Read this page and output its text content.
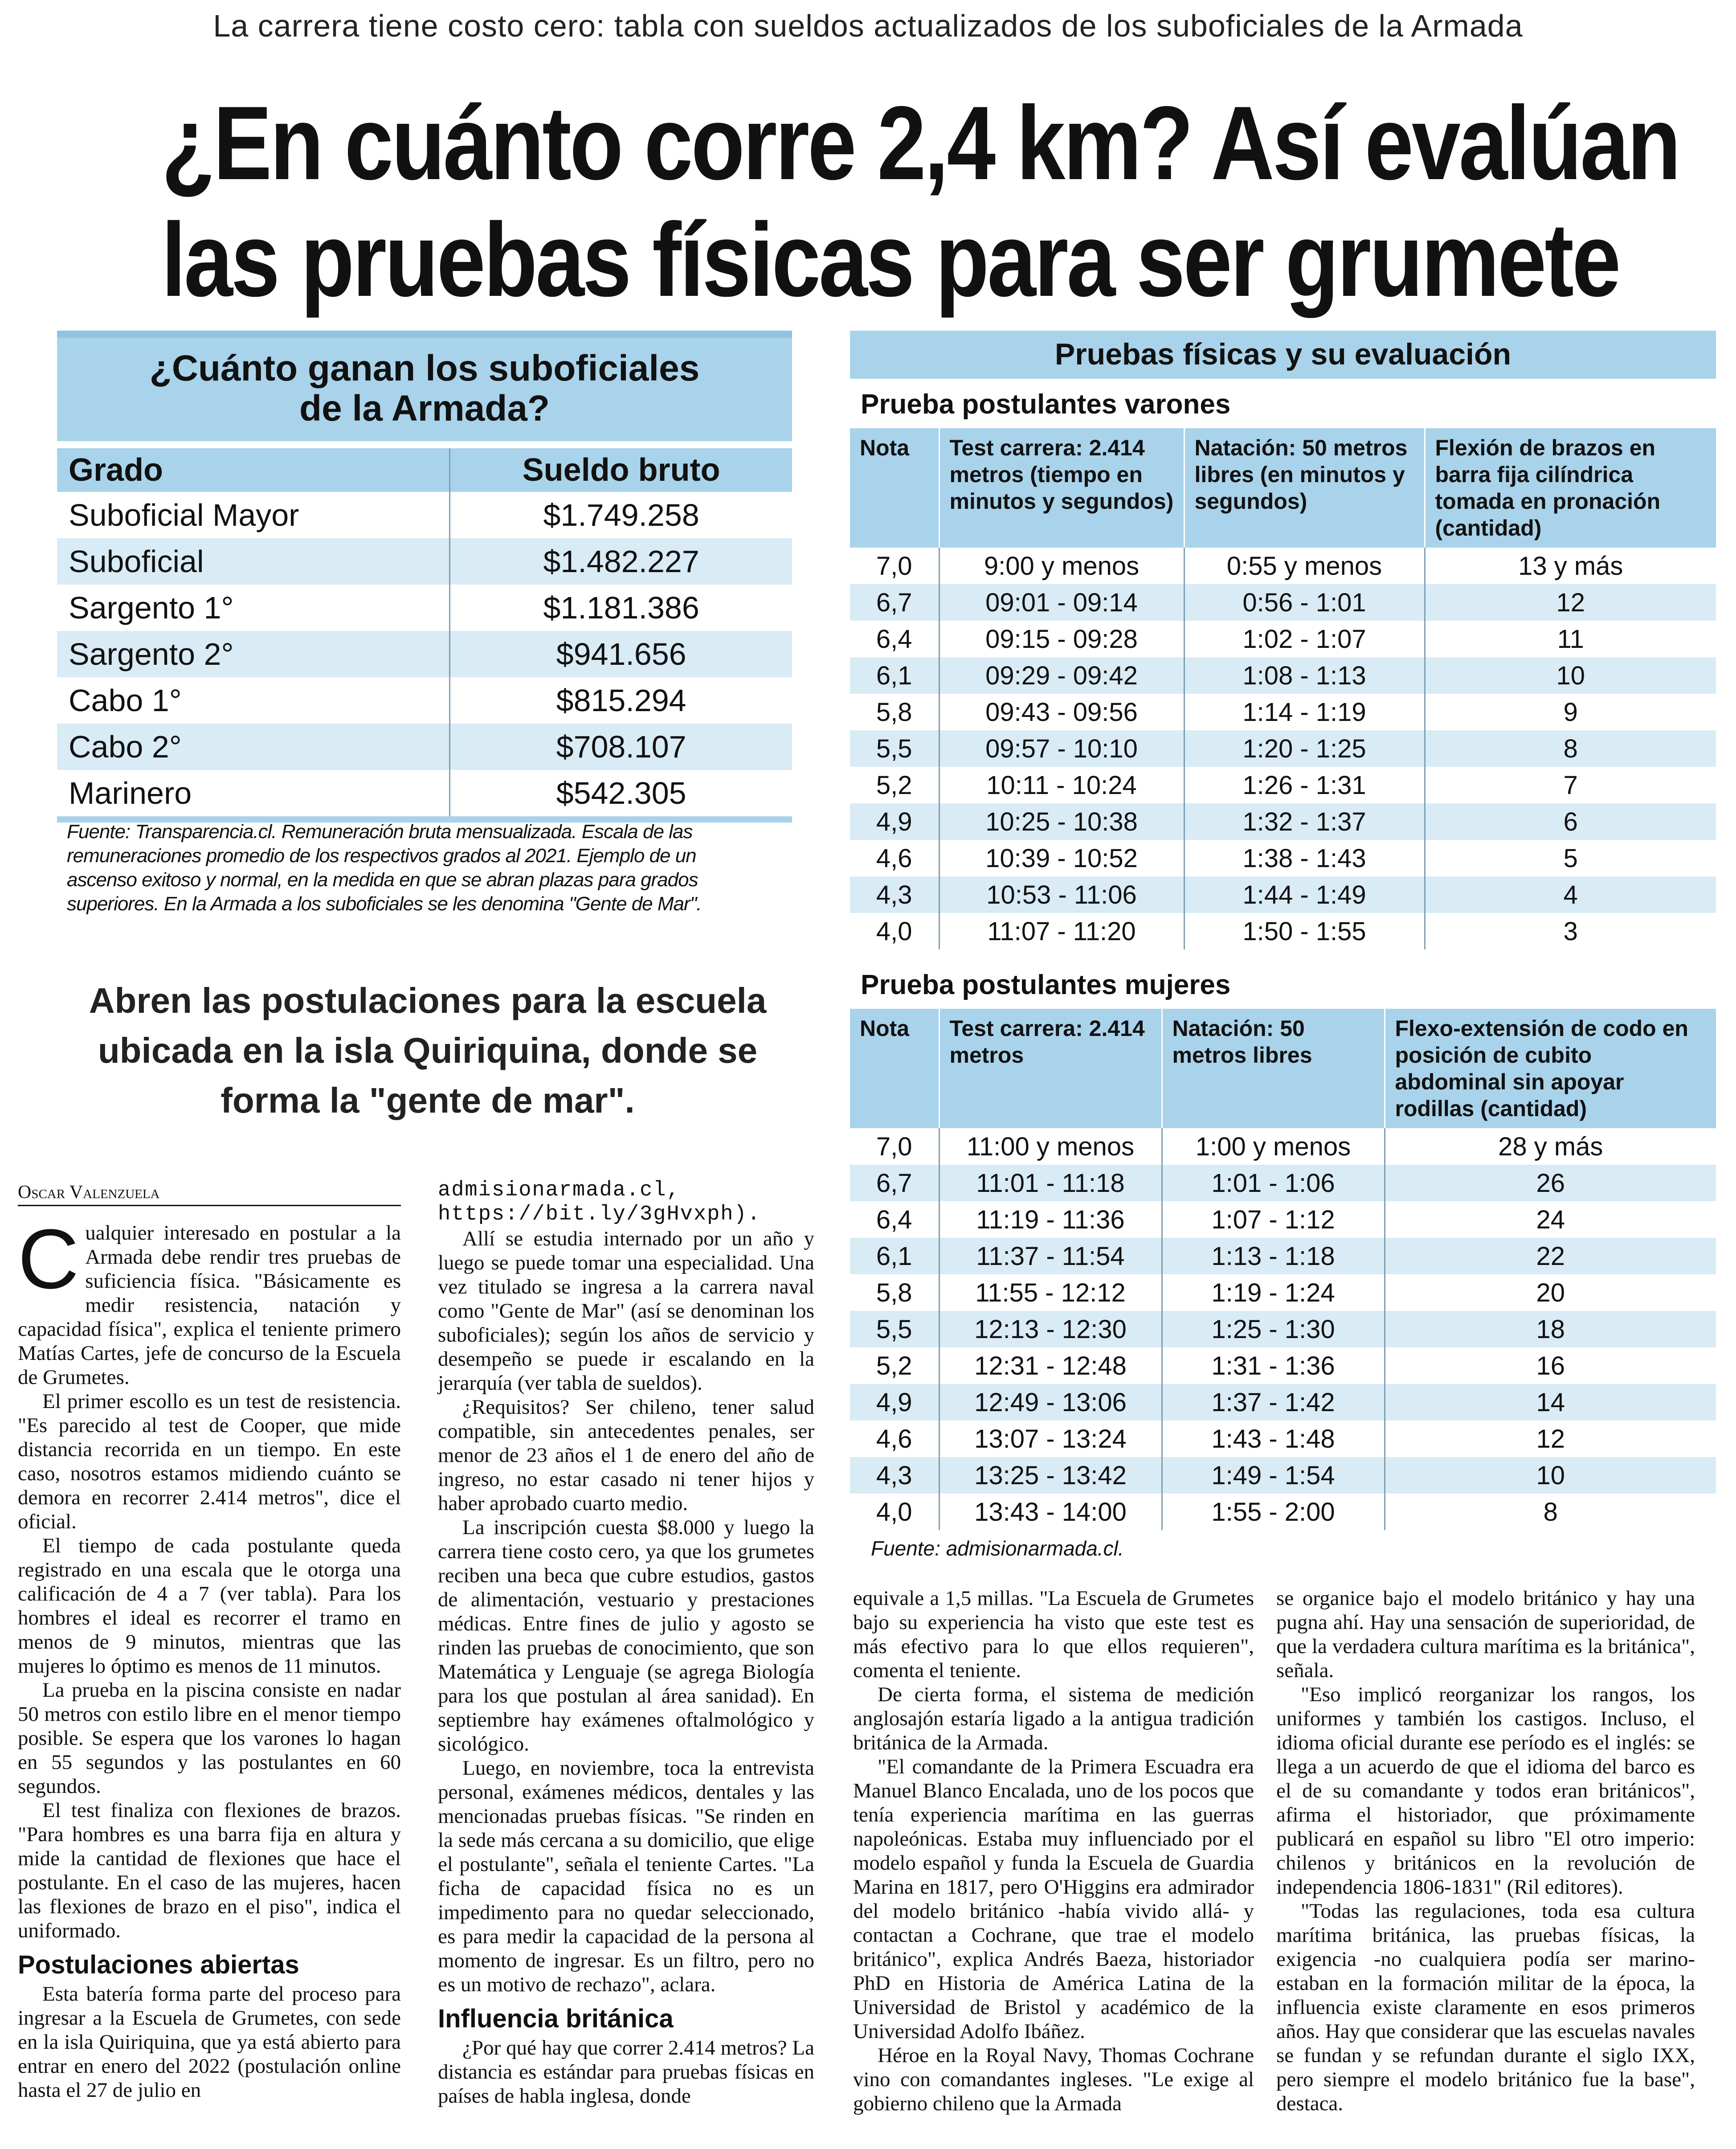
La carrera tiene costo cero: tabla con sueldos actualizados de los suboficiales de la Armada
¿En cuánto corre 2,4 km? Así evalúan
las pruebas físicas para ser grumete
¿Cuánto ganan los suboficiales
de la Armada?
Grado	Sueldo bruto
Suboficial Mayor	$1.749.258
Suboficial	$1.482.227
Sargento 1°	$1.181.386
Sargento 2°	$941.656
Cabo 1°	$815.294
Cabo 2°	$708.107
Marinero	$542.305

Fuente: Transparencia.cl. Remuneración bruta mensualizada. Escala de las remuneraciones promedio de los respectivos grados al 2021. Ejemplo de un ascenso exitoso y normal, en la medida en que se abran plazas para grados superiores. En la Armada a los suboficiales se les denomina "Gente de Mar".
Abren las postulaciones para la escuela ubicada en la isla Quiriquina, donde se forma la "gente de mar".
Pruebas físicas y su evaluación
Prueba postulantes varones
Nota	Test carrera: 2.414 metros (tiempo en minutos y segundos)	Natación: 50 metros libres (en minutos y segundos)	Flexión de brazos en barra fija cilíndrica tomada en pronación (cantidad)
7,0	9:00 y menos	0:55 y menos	13 y más
6,7	09:01 - 09:14	0:56 - 1:01	12
6,4	09:15 - 09:28	1:02 - 1:07	11
6,1	09:29 - 09:42	1:08 - 1:13	10
5,8	09:43 - 09:56	1:14 - 1:19	9
5,5	09:57 - 10:10	1:20 - 1:25	8
5,2	10:11 - 10:24	1:26 - 1:31	7
4,9	10:25 - 10:38	1:32 - 1:37	6
4,6	10:39 - 10:52	1:38 - 1:43	5
4,3	10:53 - 11:06	1:44 - 1:49	4
4,0	11:07 - 11:20	1:50 - 1:55	3
Prueba postulantes mujeres
Nota	Test carrera: 2.414 metros	Natación: 50 metros libres	Flexo-extensión de codo en posición de cubito abdominal sin apoyar rodillas (cantidad)
7,0	11:00 y menos	1:00 y menos	28 y más
6,7	11:01 - 11:18	1:01 - 1:06	26
6,4	11:19 - 11:36	1:07 - 1:12	24
6,1	11:37 - 11:54	1:13 - 1:18	22
5,8	11:55 - 12:12	1:19 - 1:24	20
5,5	12:13 - 12:30	1:25 - 1:30	18
5,2	12:31 - 12:48	1:31 - 1:36	16
4,9	12:49 - 13:06	1:37 - 1:42	14
4,6	13:07 - 13:24	1:43 - 1:48	12
4,3	13:25 - 13:42	1:49 - 1:54	10
4,0	13:43 - 14:00	1:55 - 2:00	8
Fuente: admisionarmada.cl.
Oscar Valenzuela

Cualquier interesado en postular a la Armada debe rendir tres pruebas de suficiencia física. "Básicamente es medir resistencia, natación y capacidad física", explica el teniente primero Matías Cartes, jefe de concurso de la Escuela de Grumetes.

El primer escollo es un test de resistencia. "Es parecido al test de Cooper, que mide distancia recorrida en un tiempo. En este caso, nosotros estamos midiendo cuánto se demora en recorrer 2.414 metros", dice el oficial.

El tiempo de cada postulante queda registrado en una escala que le otorga una calificación de 4 a 7 (ver tabla). Para los hombres el ideal es recorrer el tramo en menos de 9 minutos, mientras que las mujeres lo óptimo es menos de 11 minutos.

La prueba en la piscina consiste en nadar 50 metros con estilo libre en el menor tiempo posible. Se espera que los varones lo hagan en 55 segundos y las postulantes en 60 segundos.

El test finaliza con flexiones de brazos. "Para hombres es una barra fija en altura y mide la cantidad de flexiones que hace el postulante. En el caso de las mujeres, hacen las flexiones de brazo en el piso", indica el uniformado.

Postulaciones abiertas

Esta batería forma parte del proceso para ingresar a la Escuela de Grumetes, con sede en la isla Quiriquina, que ya está abierto para entrar en enero del 2022 (postulación online hasta el 27 de julio en

admisionarmada.cl, https://bit.ly/3gHvxph).

Allí se estudia internado por un año y luego se puede tomar una especialidad. Una vez titulado se ingresa a la carrera naval como "Gente de Mar" (así se denominan los suboficiales); según los años de servicio y desempeño se puede ir escalando en la jerarquía (ver tabla de sueldos).

¿Requisitos? Ser chileno, tener salud compatible, sin antecedentes penales, ser menor de 23 años el 1 de enero del año de ingreso, no estar casado ni tener hijos y haber aprobado cuarto medio.

La inscripción cuesta $8.000 y luego la carrera tiene costo cero, ya que los grumetes reciben una beca que cubre estudios, gastos de alimentación, vestuario y prestaciones médicas. Entre fines de julio y agosto se rinden las pruebas de conocimiento, que son Matemática y Lenguaje (se agrega Biología para los que postulan al área sanidad). En septiembre hay exámenes oftalmológico y sicológico.

Luego, en noviembre, toca la entrevista personal, exámenes médicos, dentales y las mencionadas pruebas físicas. "Se rinden en la sede más cercana a su domicilio, que elige el postulante", señala el teniente Cartes. "La ficha de capacidad física no es un impedimento para no quedar seleccionado, es para medir la capacidad de la persona al momento de ingresar. Es un filtro, pero no es un motivo de rechazo", aclara.

Influencia británica

¿Por qué hay que correr 2.414 metros? La distancia es estándar para pruebas físicas en países de habla inglesa, donde

equivale a 1,5 millas. "La Escuela de Grumetes bajo su experiencia ha visto que este test es más efectivo para lo que ellos requieren", comenta el teniente.

De cierta forma, el sistema de medición anglosajón estaría ligado a la antigua tradición británica de la Armada.

"El comandante de la Primera Escuadra era Manuel Blanco Encalada, uno de los pocos que tenía experiencia marítima en las guerras napoleónicas. Estaba muy influenciado por el modelo español y funda la Escuela de Guardia Marina en 1817, pero O'Higgins era admirador del modelo británico -había vivido allá- y contactan a Cochrane, que trae el modelo británico", explica Andrés Baeza, historiador PhD en Historia de América Latina de la Universidad de Bristol y académico de la Universidad Adolfo Ibáñez.

Héroe en la Royal Navy, Thomas Cochrane vino con comandantes ingleses. "Le exige al gobierno chileno que la Armada

se organice bajo el modelo británico y hay una pugna ahí. Hay una sensación de superioridad, de que la verdadera cultura marítima es la británica", señala.

"Eso implicó reorganizar los rangos, los uniformes y también los castigos. Incluso, el idioma oficial durante ese período es el inglés: se llega a un acuerdo de que el idioma del barco es el de su comandante y todos eran británicos", afirma el historiador, que próximamente publicará en español su libro "El otro imperio: chilenos y británicos en la revolución de independencia 1806-1831" (Ril editores).

"Todas las regulaciones, toda esa cultura marítima británica, las pruebas físicas, la exigencia -no cualquiera podía ser marino- estaban en la formación militar de la época, la influencia existe claramente en esos primeros años. Hay que considerar que las escuelas navales se fundan y se refundan durante el siglo IXX, pero siempre el modelo británico fue la base", destaca.
